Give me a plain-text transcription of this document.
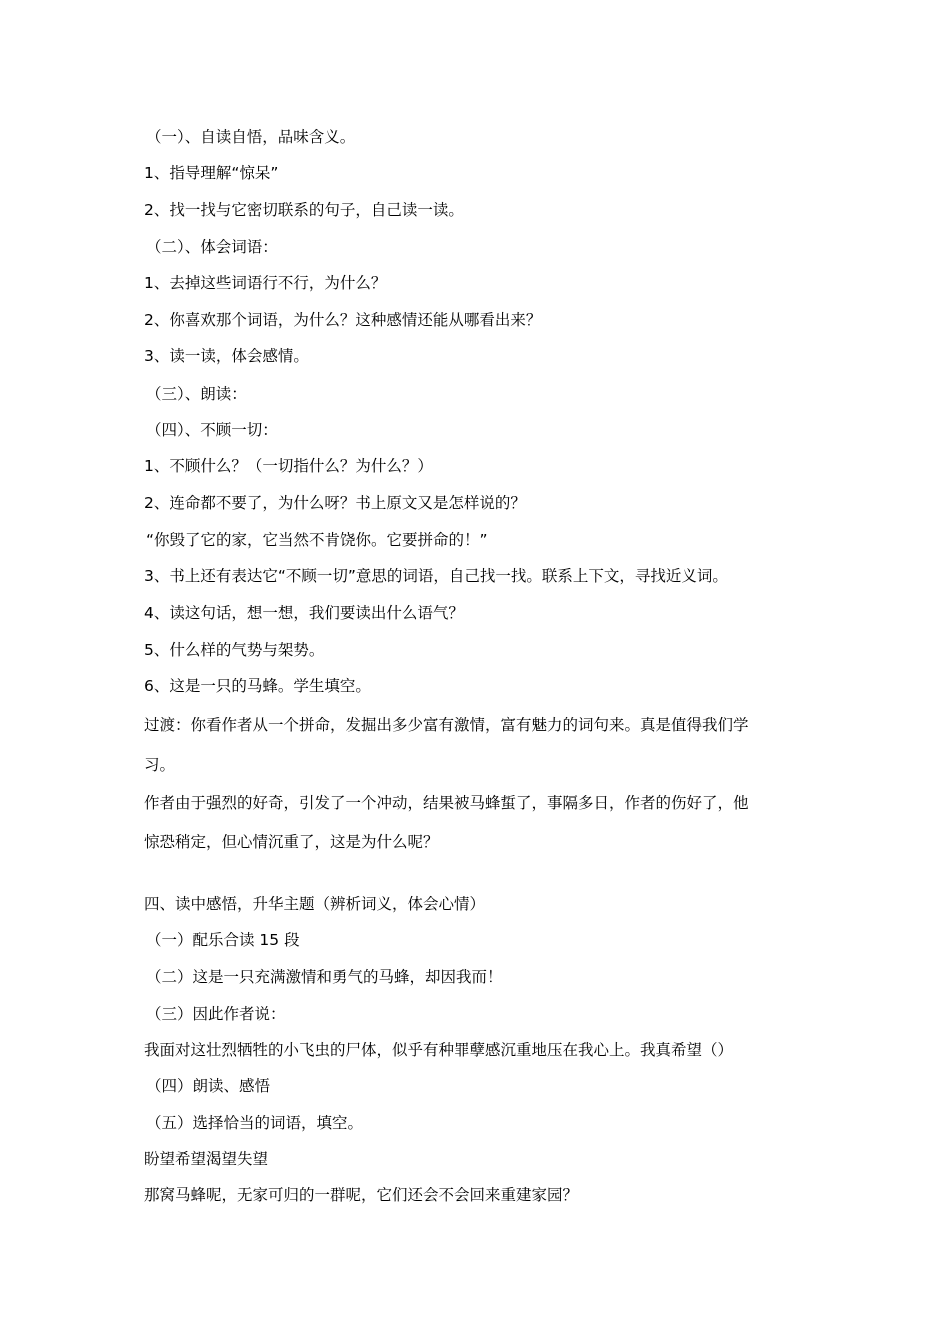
（一）、自读自悟，品味含义。
1、指导理解“惊呆”
2、找一找与它密切联系的句子，自己读一读。
（二）、体会词语：
1、去掉这些词语行不行，为什么？
2、你喜欢那个词语，为什么？这种感情还能从哪看出来？
3、读一读，体会感情。
（三）、朗读：
（四）、不顾一切：
1、不顾什么？（一切指什么？为什么？）
2、连命都不要了，为什么呀？书上原文又是怎样说的？
“你毁了它的家，它当然不肯饶你。它要拼命的！”
3、书上还有表达它“不顾一切”意思的词语，自己找一找。联系上下文，寻找近义词。
4、读这句话，想一想，我们要读出什么语气？
5、什么样的气势与架势。
6、这是一只的马蜂。学生填空。
过渡：你看作者从一个拼命，发掘出多少富有激情，富有魅力的词句来。真是值得我们学
习。
作者由于强烈的好奇，引发了一个冲动，结果被马蜂蜇了，事隔多日，作者的伤好了，他
惊恐稍定，但心情沉重了，这是为什么呢？
四、读中感悟，升华主题（辨析词义，体会心情）
（一）配乐合读 15 段
（二）这是一只充满激情和勇气的马蜂，却因我而！
（三）因此作者说：
我面对这壮烈牺牲的小飞虫的尸体，似乎有种罪孽感沉重地压在我心上。我真希望（）
（四）朗读、感悟
（五）选择恰当的词语，填空。
盼望希望渴望失望
那窝马蜂呢，无家可归的一群呢，它们还会不会回来重建家园？
